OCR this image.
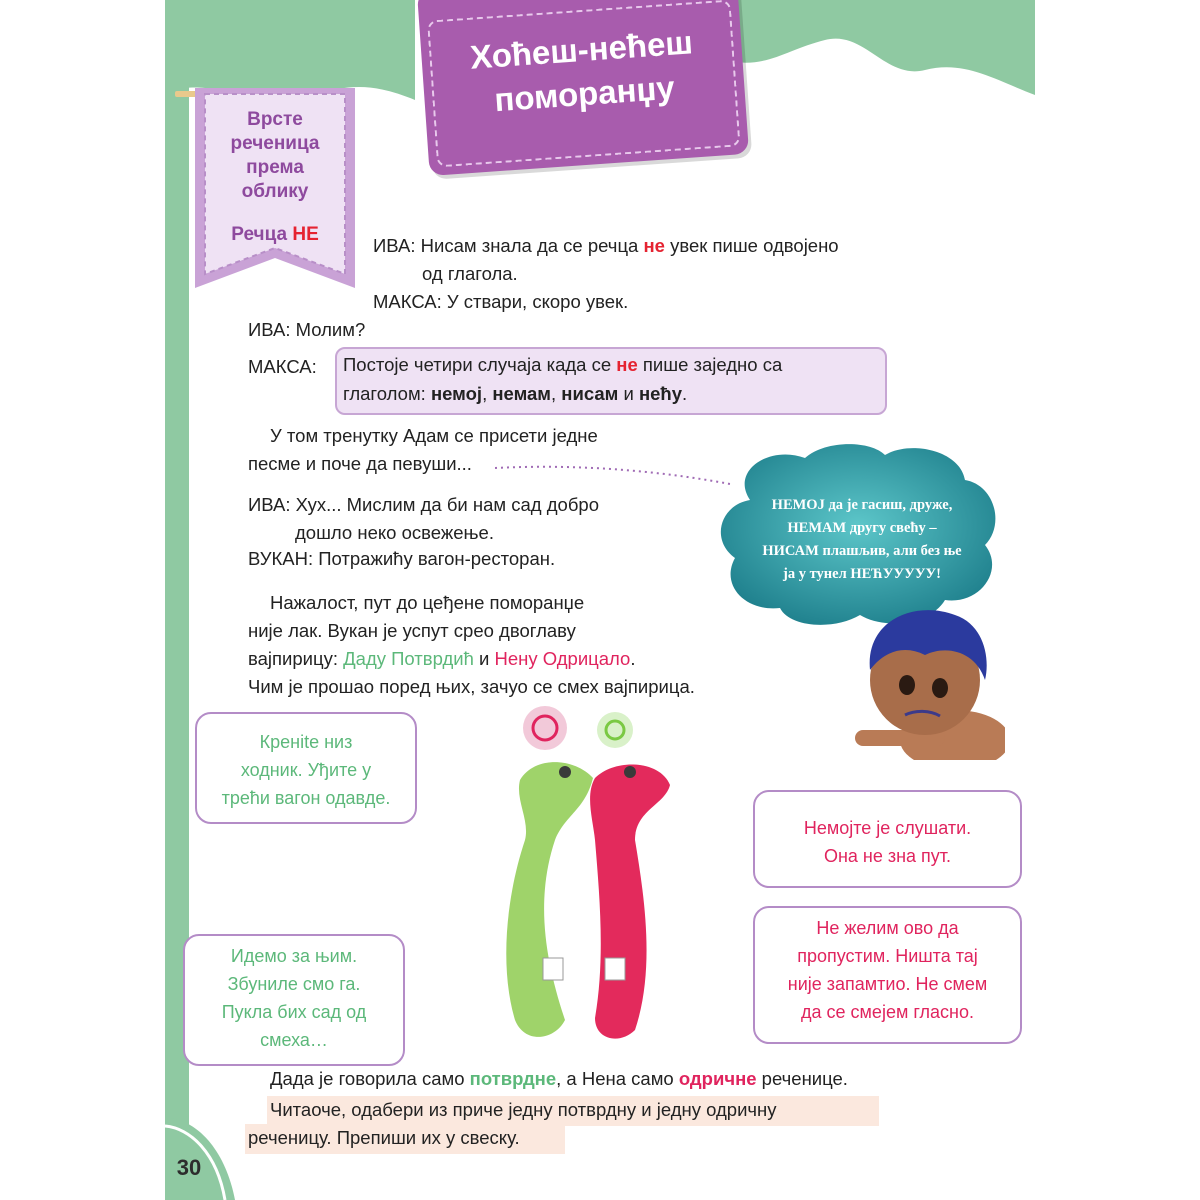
Врсте
реченица
према
облику
Речца НЕ
Хоћеш-нећеш
поморанџу
ИВА: Нисам знала да се речца не увек пише одвојено
од глагола.
МАКСА: У ствари, скоро увек.
ИВА: Молим?
МАКСА: Постоје четири случаја када се не пише заједно са
глаголом: немој, немам, нисам и нећу.
У том тренутку Адам се присети једне
песме и поче да певуши...
ИВА: Хух... Мислим да би нам сад добро
дошло неко освежење.
ВУКАН: Потражићу вагон-ресторан.
Нажалост, пут до цеђене поморанџе
није лак. Вукан је успут срео двоглаву
вајпирицу: Даду Потврдић и Нену Одрицало.
Чим је прошао поред њих, зачуо се смех вајпирица.
НЕМОЈ да је гасиш, друже,
НЕМАМ другу свећу –
НИСАМ плашљив, али без ње
ја у тунел НЕЋУУУУУ!
Кренite низ
ходник. Уђите у
трећи вагон одавде.
Немојте је слушати.
Она не зна пут.
Идемо за њим.
Збуниле смо га.
Пукла бих сад од
смеха…
Не желим ово да
пропустим. Ништа тај
није запамтио. Не смем
да се смејем гласно.
Дада је говорила само потврдне, а Нена само одричне реченице.
Читаоче, одабери из приче једну потврдну и једну одричну
реченицу. Препиши их у свеску.
30
